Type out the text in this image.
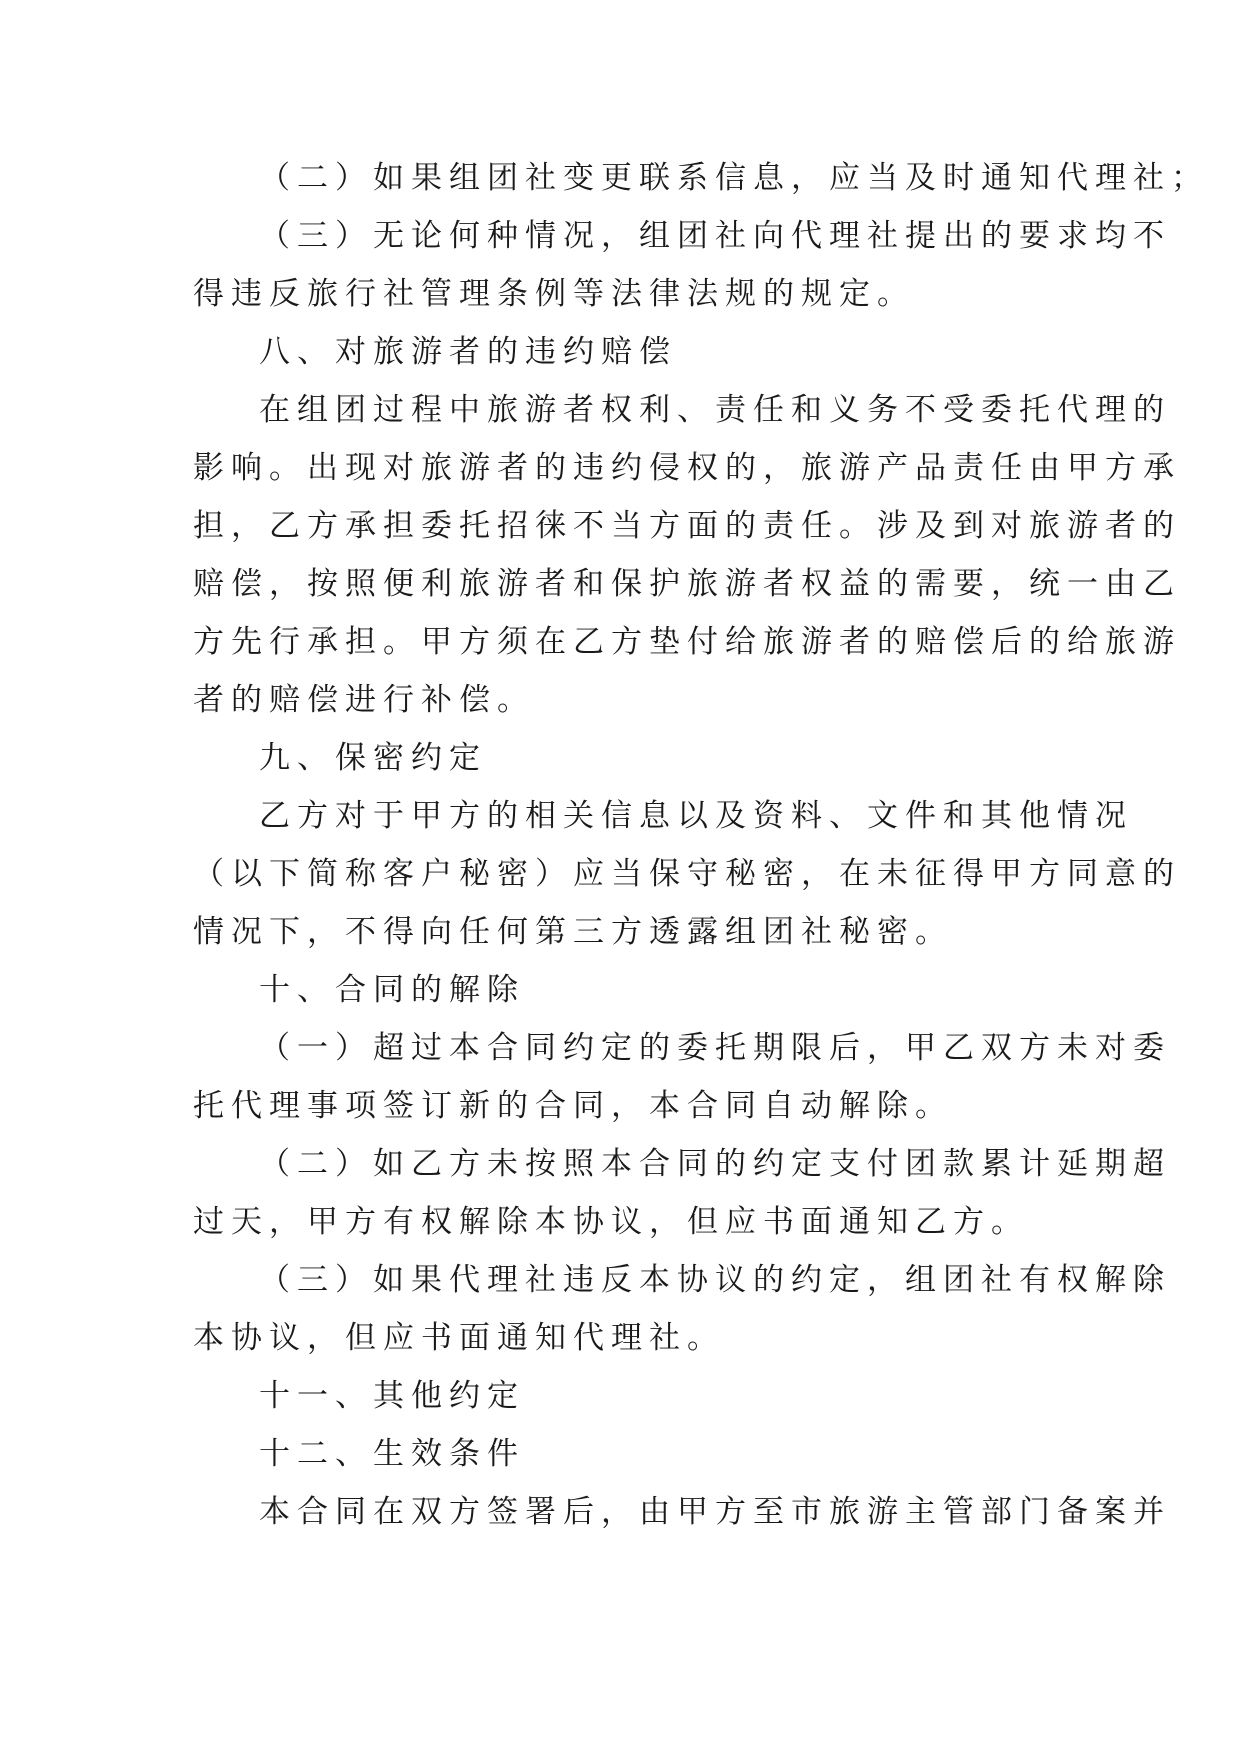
（二）如果组团社变更联系信息，应当及时通知代理社；
（三）无论何种情况，组团社向代理社提出的要求均不
得违反旅行社管理条例等法律法规的规定。
八、对旅游者的违约赔偿
在组团过程中旅游者权利、责任和义务不受委托代理的
影响。出现对旅游者的违约侵权的，旅游产品责任由甲方承
担，乙方承担委托招徕不当方面的责任。涉及到对旅游者的
赔偿，按照便利旅游者和保护旅游者权益的需要，统一由乙
方先行承担。甲方须在乙方垫付给旅游者的赔偿后的给旅游
者的赔偿进行补偿。
九、保密约定
乙方对于甲方的相关信息以及资料、文件和其他情况
（以下简称客户秘密）应当保守秘密，在未征得甲方同意的
情况下，不得向任何第三方透露组团社秘密。
十、合同的解除
（一）超过本合同约定的委托期限后，甲乙双方未对委
托代理事项签订新的合同，本合同自动解除。
（二）如乙方未按照本合同的约定支付团款累计延期超
过天，甲方有权解除本协议，但应书面通知乙方。
（三）如果代理社违反本协议的约定，组团社有权解除
本协议，但应书面通知代理社。
十一、其他约定
十二、生效条件
本合同在双方签署后，由甲方至市旅游主管部门备案并
